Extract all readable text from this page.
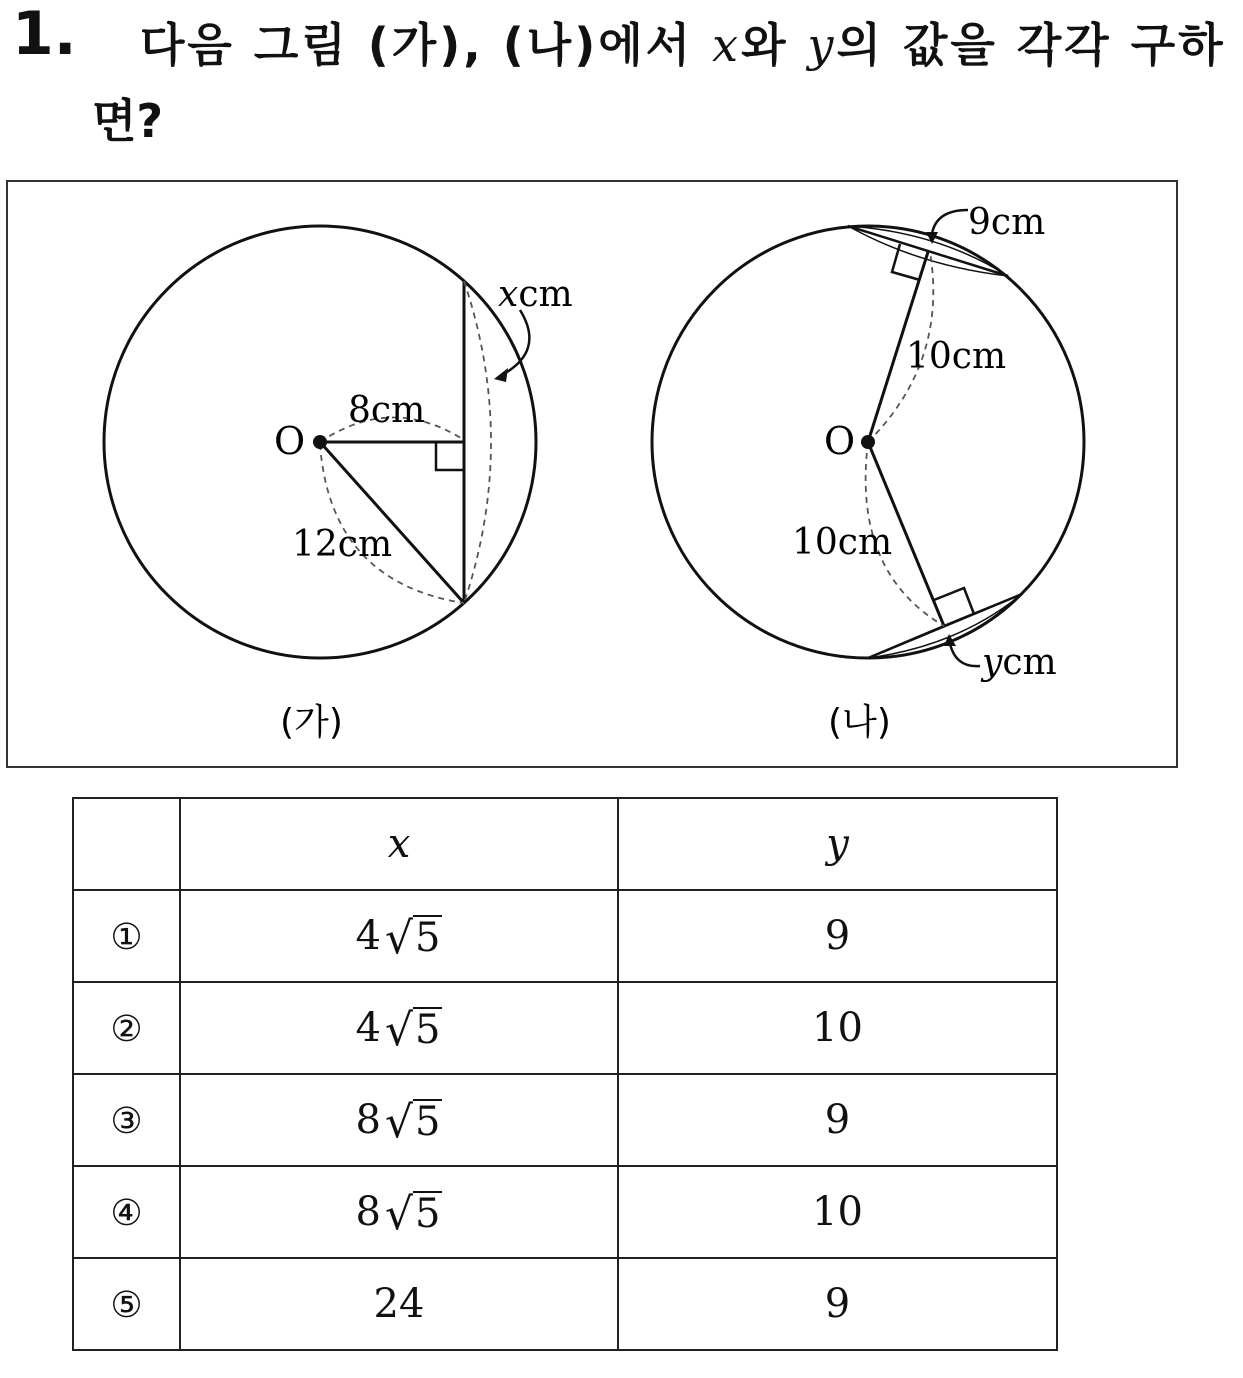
1. 다음 그림 (가), (나)에서 x와 y의 값을 각각 구하
면?
O
8cm
12cm
xcm
(가)
O
9cm
10cm
10cm
ycm
(나)
	x	y
①	4 √ 5	9
②	4 √ 5	10
③	8 √ 5	9
④	8 √ 5	10
⑤	24	9
